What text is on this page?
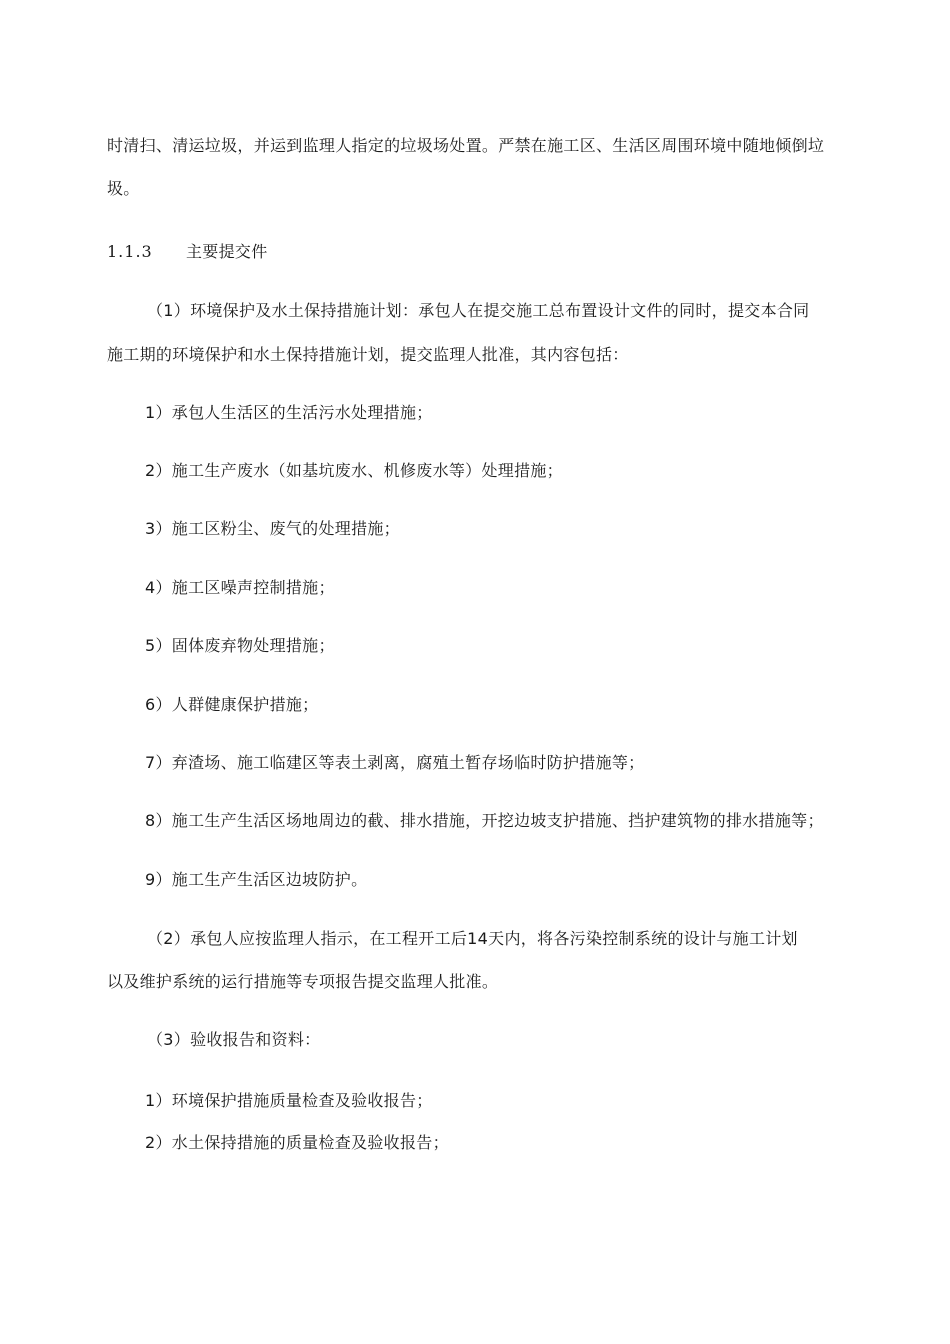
时清扫、清运垃圾，并运到监理人指定的垃圾场处置。严禁在施工区、生活区周围环境中随地倾倒垃
圾。
1.1.3 主要提交件
（1）环境保护及水土保持措施计划：承包人在提交施工总布置设计文件的同时，提交本合同
施工期的环境保护和水土保持措施计划，提交监理人批准，其内容包括：
1）承包人生活区的生活污水处理措施；
2）施工生产废水（如基坑废水、机修废水等）处理措施；
3）施工区粉尘、废气的处理措施；
4）施工区噪声控制措施；
5）固体废弃物处理措施；
6）人群健康保护措施；
7）弃渣场、施工临建区等表土剥离，腐殖土暂存场临时防护措施等；
8）施工生产生活区场地周边的截、排水措施，开挖边坡支护措施、挡护建筑物的排水措施等；
9）施工生产生活区边坡防护。
（2）承包人应按监理人指示，在工程开工后14天内，将各污染控制系统的设计与施工计划
以及维护系统的运行措施等专项报告提交监理人批准。
（3）验收报告和资料：
1）环境保护措施质量检查及验收报告；
2）水土保持措施的质量检查及验收报告；
